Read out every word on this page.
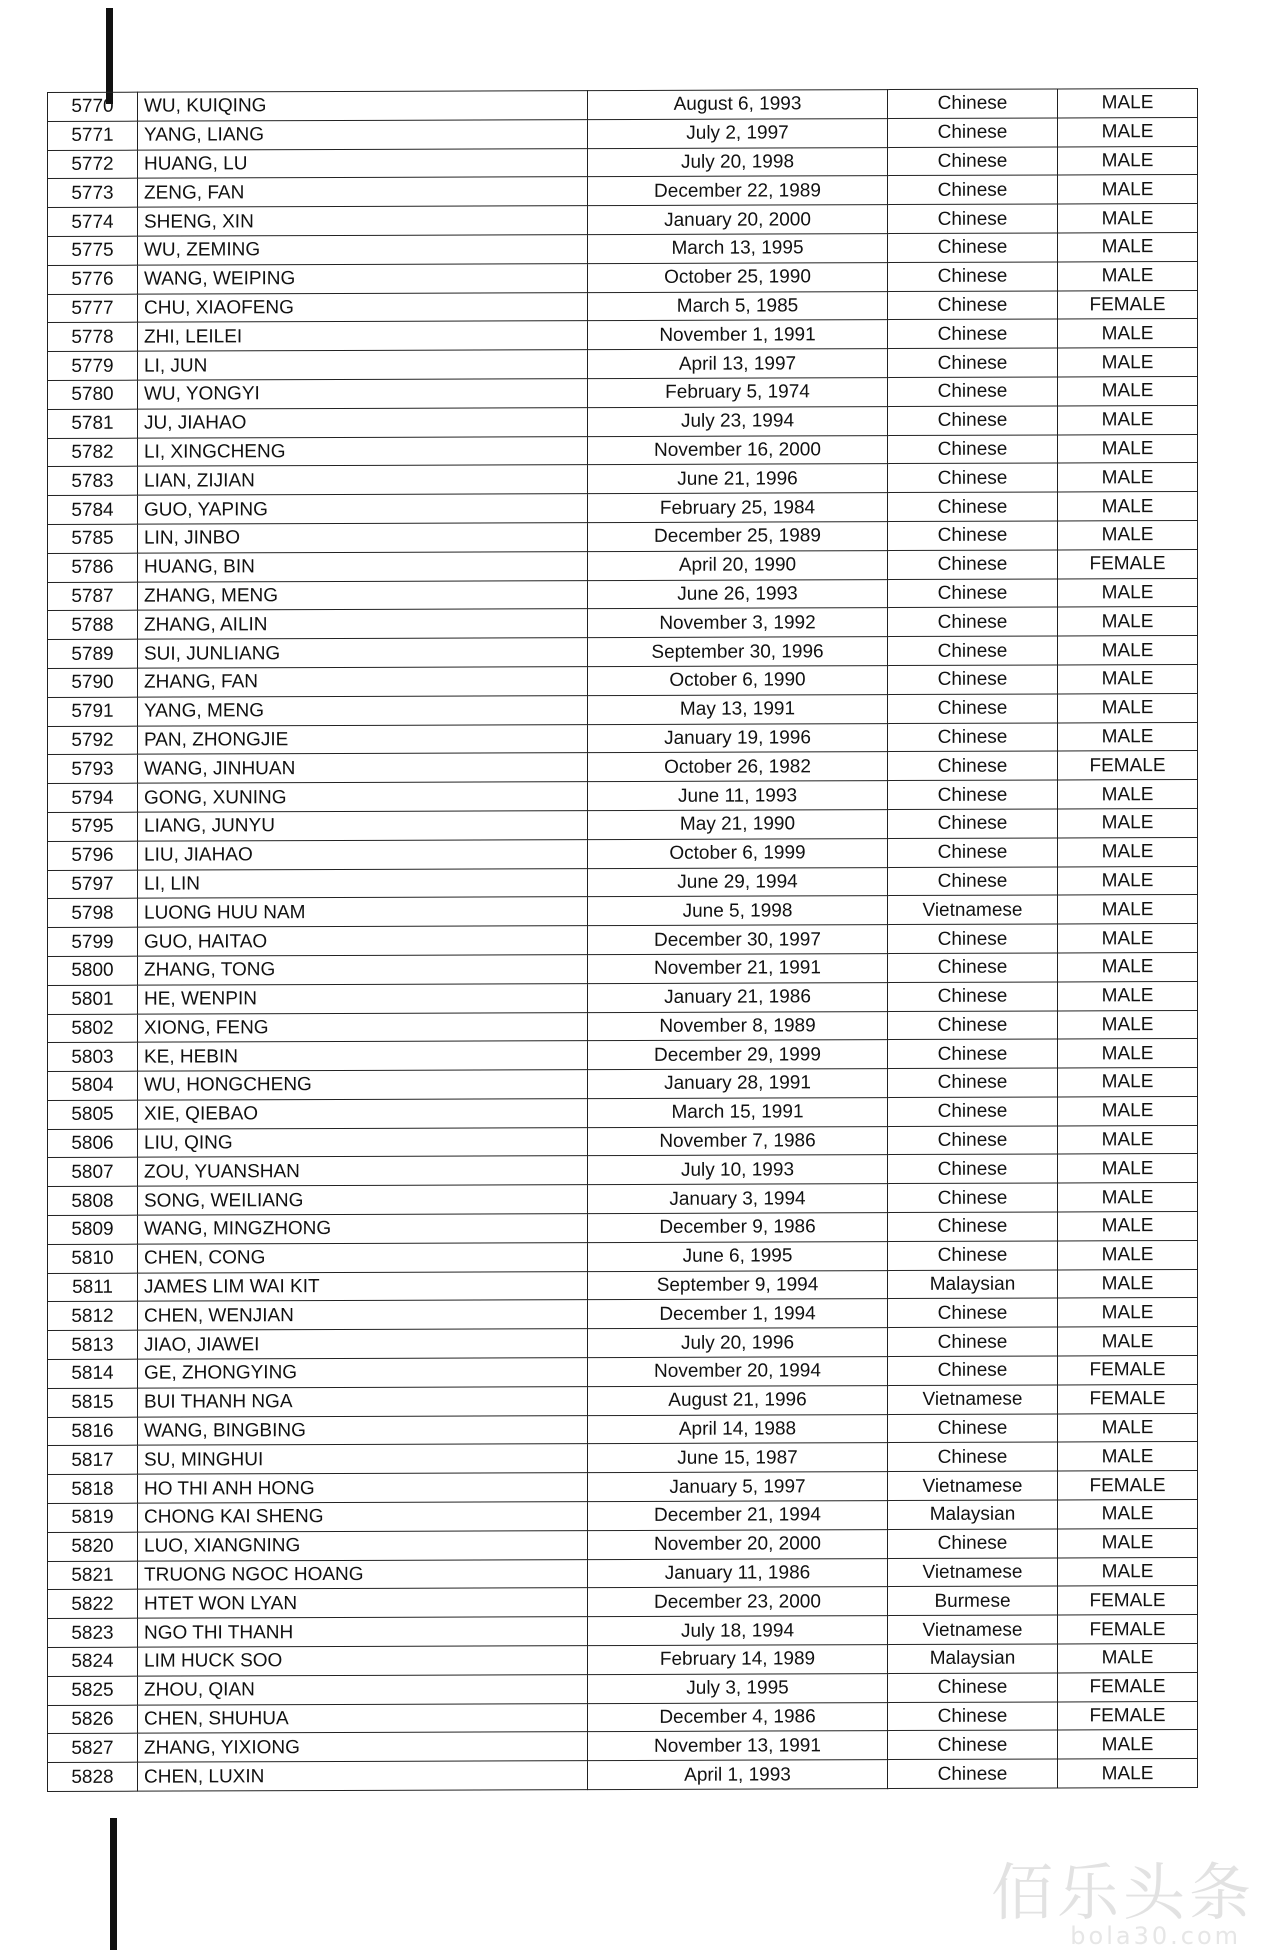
5770	WU, KUIQING	August 6, 1993	Chinese	MALE
5771	YANG, LIANG	July 2, 1997	Chinese	MALE
5772	HUANG, LU	July 20, 1998	Chinese	MALE
5773	ZENG, FAN	December 22, 1989	Chinese	MALE
5774	SHENG, XIN	January 20, 2000	Chinese	MALE
5775	WU, ZEMING	March 13, 1995	Chinese	MALE
5776	WANG, WEIPING	October 25, 1990	Chinese	MALE
5777	CHU, XIAOFENG	March 5, 1985	Chinese	FEMALE
5778	ZHI, LEILEI	November 1, 1991	Chinese	MALE
5779	LI, JUN	April 13, 1997	Chinese	MALE
5780	WU, YONGYI	February 5, 1974	Chinese	MALE
5781	JU, JIAHAO	July 23, 1994	Chinese	MALE
5782	LI, XINGCHENG	November 16, 2000	Chinese	MALE
5783	LIAN, ZIJIAN	June 21, 1996	Chinese	MALE
5784	GUO, YAPING	February 25, 1984	Chinese	MALE
5785	LIN, JINBO	December 25, 1989	Chinese	MALE
5786	HUANG, BIN	April 20, 1990	Chinese	FEMALE
5787	ZHANG, MENG	June 26, 1993	Chinese	MALE
5788	ZHANG, AILIN	November 3, 1992	Chinese	MALE
5789	SUI, JUNLIANG	September 30, 1996	Chinese	MALE
5790	ZHANG, FAN	October 6, 1990	Chinese	MALE
5791	YANG, MENG	May 13, 1991	Chinese	MALE
5792	PAN, ZHONGJIE	January 19, 1996	Chinese	MALE
5793	WANG, JINHUAN	October 26, 1982	Chinese	FEMALE
5794	GONG, XUNING	June 11, 1993	Chinese	MALE
5795	LIANG, JUNYU	May 21, 1990	Chinese	MALE
5796	LIU, JIAHAO	October 6, 1999	Chinese	MALE
5797	LI, LIN	June 29, 1994	Chinese	MALE
5798	LUONG HUU NAM	June 5, 1998	Vietnamese	MALE
5799	GUO, HAITAO	December 30, 1997	Chinese	MALE
5800	ZHANG, TONG	November 21, 1991	Chinese	MALE
5801	HE, WENPIN	January 21, 1986	Chinese	MALE
5802	XIONG, FENG	November 8, 1989	Chinese	MALE
5803	KE, HEBIN	December 29, 1999	Chinese	MALE
5804	WU, HONGCHENG	January 28, 1991	Chinese	MALE
5805	XIE, QIEBAO	March 15, 1991	Chinese	MALE
5806	LIU, QING	November 7, 1986	Chinese	MALE
5807	ZOU, YUANSHAN	July 10, 1993	Chinese	MALE
5808	SONG, WEILIANG	January 3, 1994	Chinese	MALE
5809	WANG, MINGZHONG	December 9, 1986	Chinese	MALE
5810	CHEN, CONG	June 6, 1995	Chinese	MALE
5811	JAMES LIM WAI KIT	September 9, 1994	Malaysian	MALE
5812	CHEN, WENJIAN	December 1, 1994	Chinese	MALE
5813	JIAO, JIAWEI	July 20, 1996	Chinese	MALE
5814	GE, ZHONGYING	November 20, 1994	Chinese	FEMALE
5815	BUI THANH NGA	August 21, 1996	Vietnamese	FEMALE
5816	WANG, BINGBING	April 14, 1988	Chinese	MALE
5817	SU, MINGHUI	June 15, 1987	Chinese	MALE
5818	HO THI ANH HONG	January 5, 1997	Vietnamese	FEMALE
5819	CHONG KAI SHENG	December 21, 1994	Malaysian	MALE
5820	LUO, XIANGNING	November 20, 2000	Chinese	MALE
5821	TRUONG NGOC HOANG	January 11, 1986	Vietnamese	MALE
5822	HTET WON LYAN	December 23, 2000	Burmese	FEMALE
5823	NGO THI THANH	July 18, 1994	Vietnamese	FEMALE
5824	LIM HUCK SOO	February 14, 1989	Malaysian	MALE
5825	ZHOU, QIAN	July 3, 1995	Chinese	FEMALE
5826	CHEN, SHUHUA	December 4, 1986	Chinese	FEMALE
5827	ZHANG, YIXIONG	November 13, 1991	Chinese	MALE
5828	CHEN, LUXIN	April 1, 1993	Chinese	MALE
佰乐头条
bola30.com
